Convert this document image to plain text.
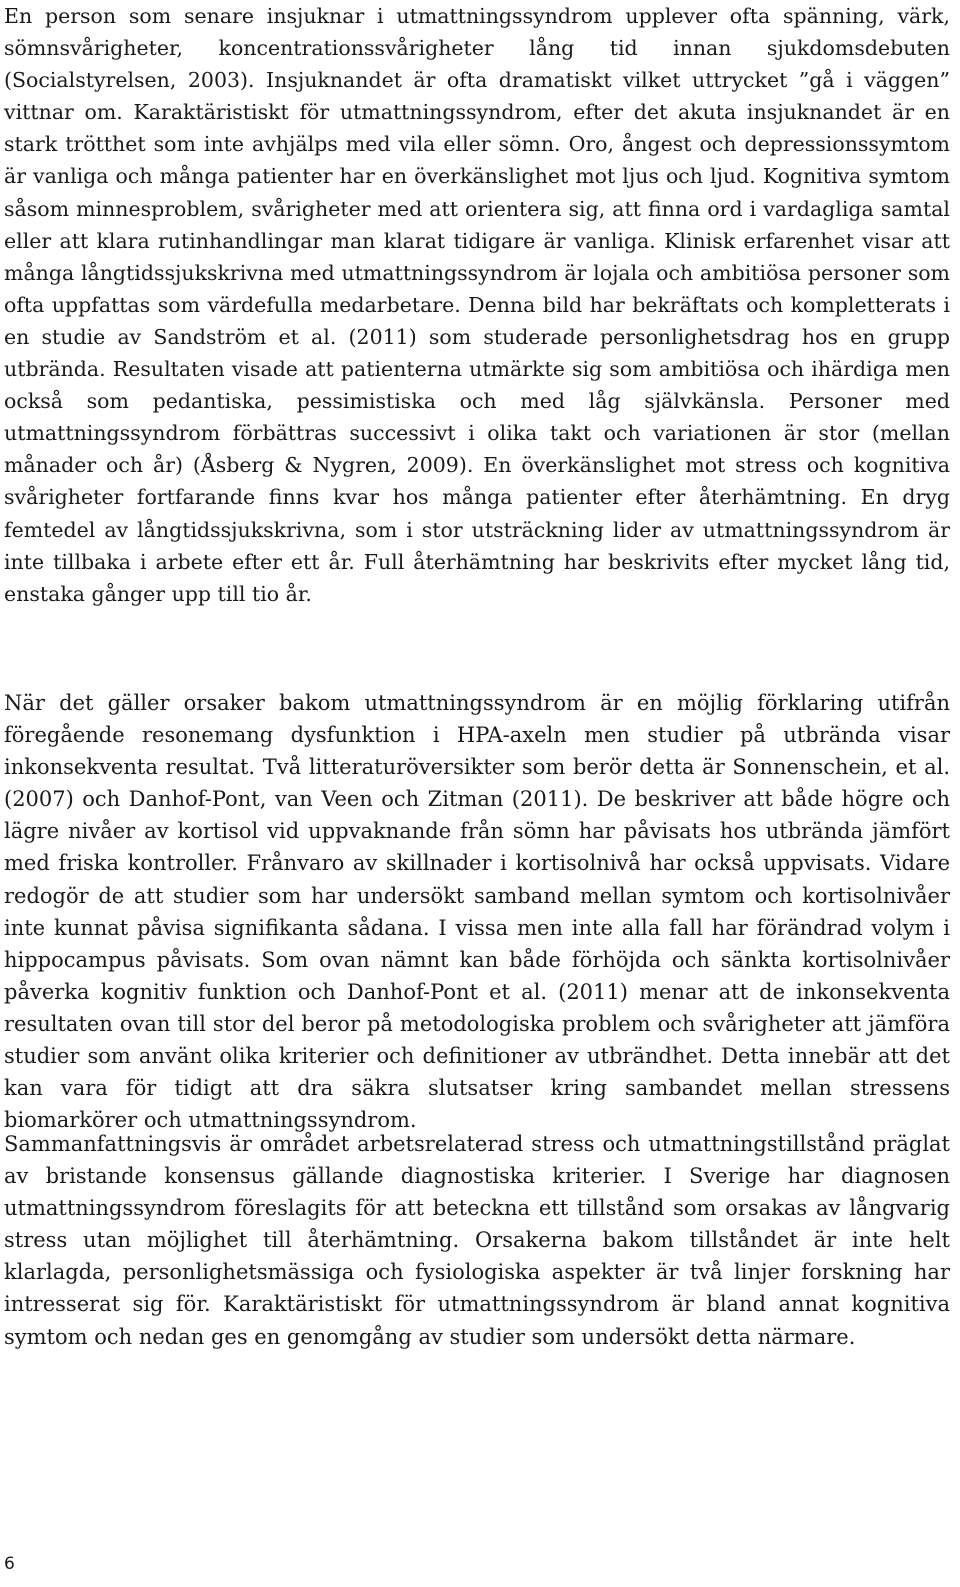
En person som senare insjuknar i utmattningssyndrom upplever ofta spänning, värk, sömnsvårigheter, koncentrationssvårigheter lång tid innan sjukdomsdebuten (Socialstyrelsen, 2003). Insjuknandet är ofta dramatiskt vilket uttrycket ”gå i väggen” vittnar om. Karaktäristiskt för utmattningssyndrom, efter det akuta insjuknandet är en stark trötthet som inte avhjälps med vila eller sömn. Oro, ångest och depressionssymtom är vanliga och många patienter har en överkänslighet mot ljus och ljud. Kognitiva symtom såsom minnesproblem, svårigheter med att orientera sig, att finna ord i vardagliga samtal eller att klara rutinhandlingar man klarat tidigare är vanliga. Klinisk erfarenhet visar att många långtidssjukskrivna med utmattningssyndrom är lojala och ambitiösa personer som ofta uppfattas som värdefulla medarbetare. Denna bild har bekräftats och kompletterats i en studie av Sandström et al. (2011) som studerade personlighetsdrag hos en grupp utbrända. Resultaten visade att patienterna utmärkte sig som ambitiösa och ihärdiga men också som pedantiska, pessimistiska och med låg självkänsla. Personer med utmattningssyndrom förbättras successivt i olika takt och variationen är stor (mellan månader och år) (Åsberg & Nygren, 2009). En överkänslighet mot stress och kognitiva svårigheter fortfarande finns kvar hos många patienter efter återhämtning. En dryg femtedel av långtidssjukskrivna, som i stor utsträckning lider av utmattningssyndrom är inte tillbaka i arbete efter ett år. Full återhämtning har beskrivits efter mycket lång tid, enstaka gånger upp till tio år.

När det gäller orsaker bakom utmattningssyndrom är en möjlig förklaring utifrån föregående resonemang dysfunktion i HPA-axeln men studier på utbrända visar inkonsekventa resultat. Två litteraturöversikter som berör detta är Sonnenschein, et al. (2007) och Danhof-Pont, van Veen och Zitman (2011). De beskriver att både högre och lägre nivåer av kortisol vid uppvaknande från sömn har påvisats hos utbrända jämfört med friska kontroller. Frånvaro av skillnader i kortisolnivå har också uppvisats. Vidare redogör de att studier som har undersökt samband mellan symtom och kortisolnivåer inte kunnat påvisa signifikanta sådana. I vissa men inte alla fall har förändrad volym i hippocampus påvisats. Som ovan nämnt kan både förhöjda och sänkta kortisolnivåer påverka kognitiv funktion och Danhof-Pont et al. (2011) menar att de inkonsekventa resultaten ovan till stor del beror på metodologiska problem och svårigheter att jämföra studier som använt olika kriterier och definitioner av utbrändhet. Detta innebär att det kan vara för tidigt att dra säkra slutsatser kring sambandet mellan stressens biomarkörer och utmattningssyndrom.

Sammanfattningsvis är området arbetsrelaterad stress och utmattningstillstånd präglat av bristande konsensus gällande diagnostiska kriterier. I Sverige har diagnosen utmattningssyndrom föreslagits för att beteckna ett tillstånd som orsakas av långvarig stress utan möjlighet till återhämtning. Orsakerna bakom tillståndet är inte helt klarlagda, personlighetsmässiga och fysiologiska aspekter är två linjer forskning har intresserat sig för. Karaktäristiskt för utmattningssyndrom är bland annat kognitiva symtom och nedan ges en genomgång av studier som undersökt detta närmare.

6
